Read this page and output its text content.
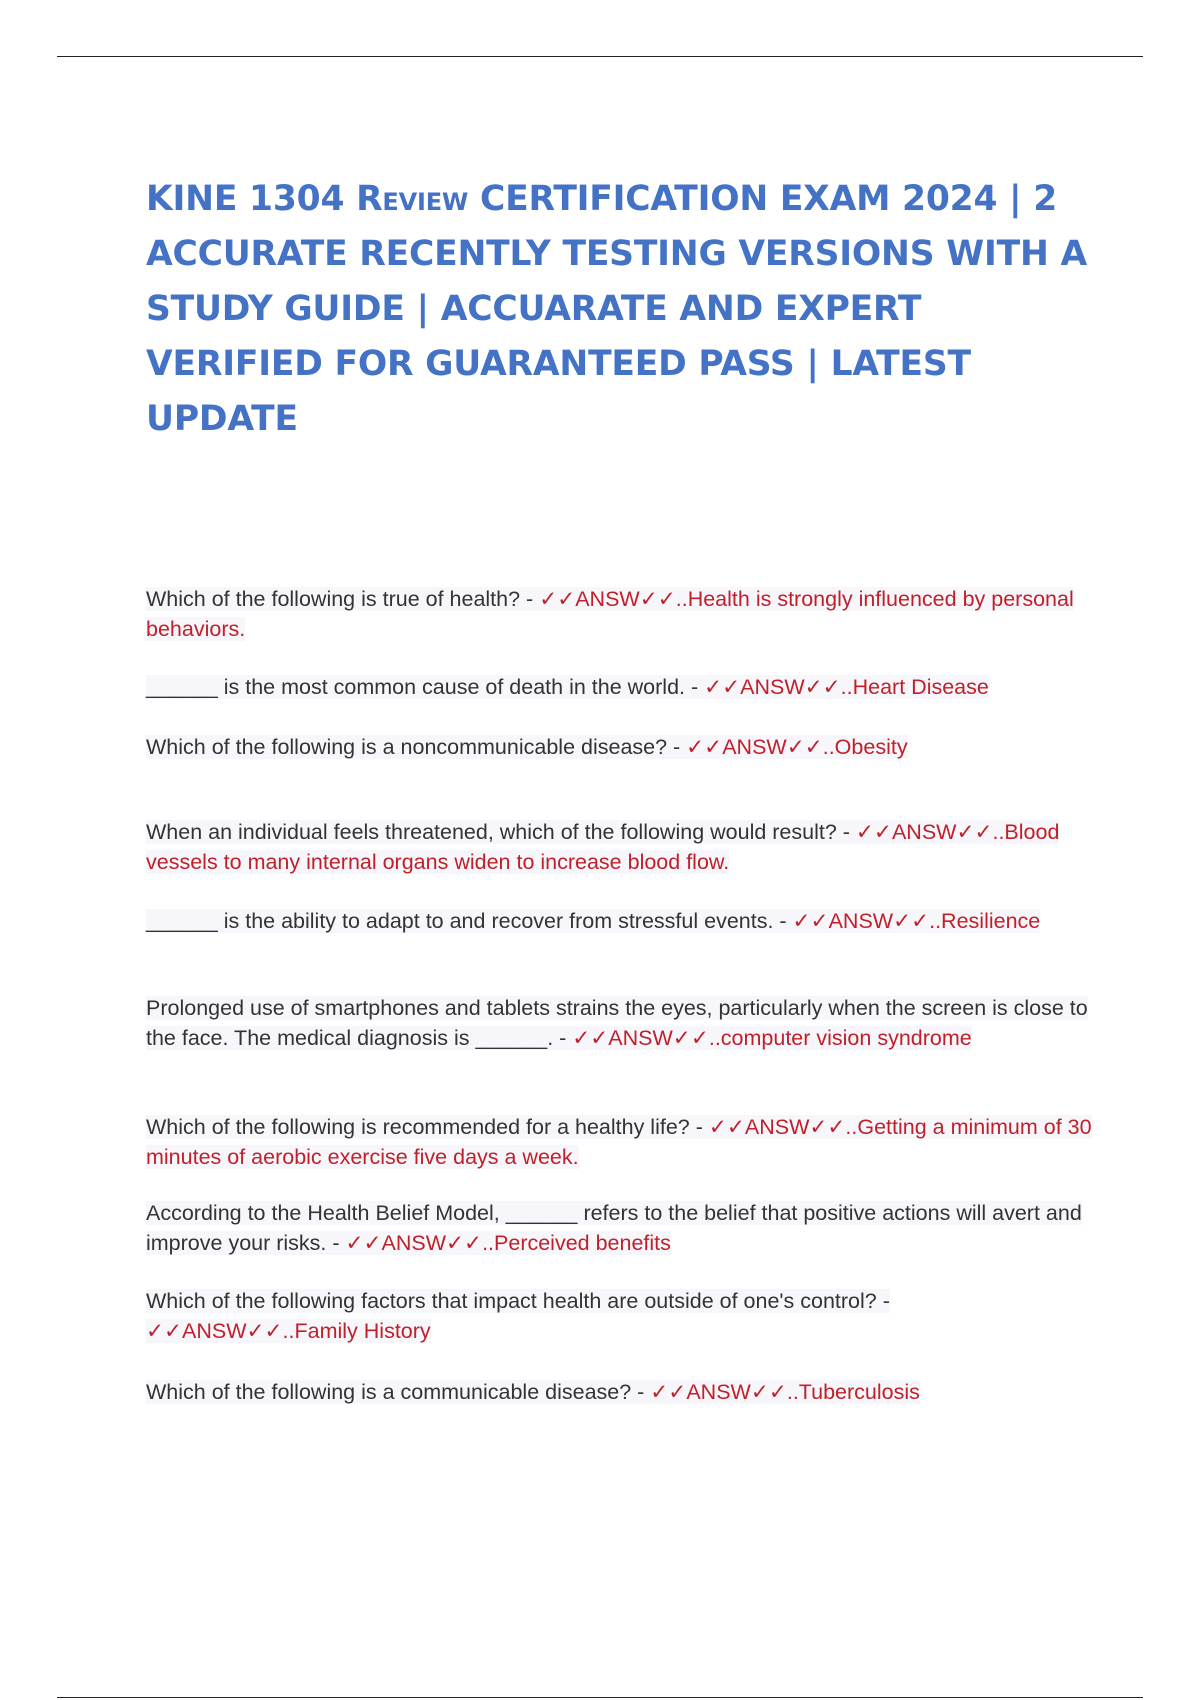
KINE 1304 Review CERTIFICATION EXAM 2024 | 2 ACCURATE RECENTLY TESTING VERSIONS WITH A STUDY GUIDE | ACCUARATE AND EXPERT VERIFIED FOR GUARANTEED PASS | LATEST UPDATE

Which of the following is true of health? - ✓✓ANSW✓✓..Health is strongly influenced by personal behaviors.

______ is the most common cause of death in the world. - ✓✓ANSW✓✓..Heart Disease

Which of the following is a noncommunicable disease? - ✓✓ANSW✓✓..Obesity

When an individual feels threatened, which of the following would result? - ✓✓ANSW✓✓..Blood vessels to many internal organs widen to increase blood flow.

______ is the ability to adapt to and recover from stressful events. - ✓✓ANSW✓✓..Resilience

Prolonged use of smartphones and tablets strains the eyes, particularly when the screen is close to the face. The medical diagnosis is ______. - ✓✓ANSW✓✓..computer vision syndrome

Which of the following is recommended for a healthy life? - ✓✓ANSW✓✓..Getting a minimum of 30 minutes of aerobic exercise five days a week.

According to the Health Belief Model, ______ refers to the belief that positive actions will avert and improve your risks. - ✓✓ANSW✓✓..Perceived benefits

Which of the following factors that impact health are outside of one's control? - ✓✓ANSW✓✓..Family History

Which of the following is a communicable disease? - ✓✓ANSW✓✓..Tuberculosis
